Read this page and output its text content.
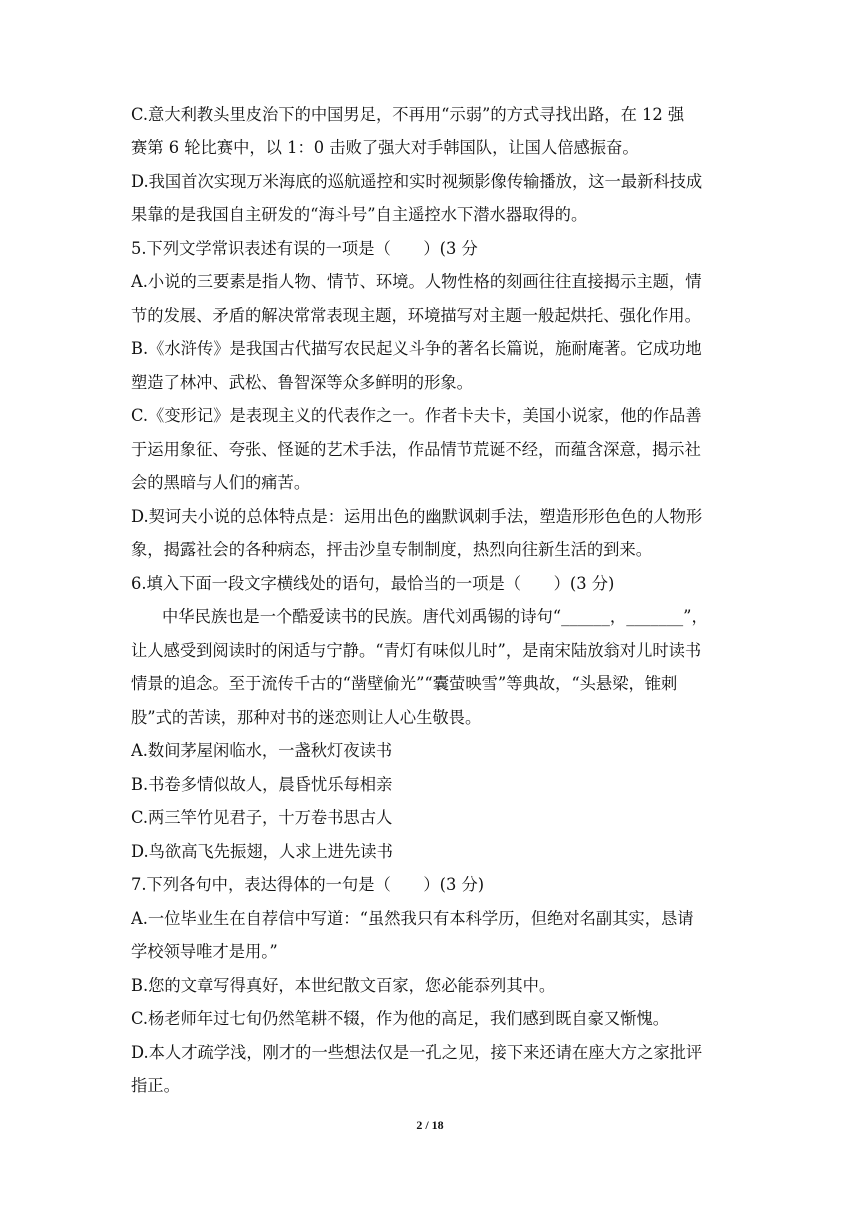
C.意大利教头里皮治下的中国男足，不再用“示弱”的方式寻找出路，在 12 强
赛第 6 轮比赛中，以 1：0 击败了强大对手韩国队，让国人倍感振奋。
D.我国首次实现万米海底的巡航遥控和实时视频影像传输播放，这一最新科技成
果靠的是我国自主研发的“海斗号”自主遥控水下潜水器取得的。
5.下列文学常识表述有误的一项是（　　）(3 分
A.小说的三要素是指人物、情节、环境。人物性格的刻画往往直接揭示主题，情
节的发展、矛盾的解决常常表现主题，环境描写对主题一般起烘托、强化作用。
B.《水浒传》是我国古代描写农民起义斗争的著名长篇说，施耐庵著。它成功地
塑造了林冲、武松、鲁智深等众多鲜明的形象。
C.《变形记》是表现主义的代表作之一。作者卡夫卡，美国小说家，他的作品善
于运用象征、夸张、怪诞的艺术手法，作品情节荒诞不经，而蕴含深意，揭示社
会的黑暗与人们的痛苦。
D.契诃夫小说的总体特点是：运用出色的幽默讽刺手法，塑造形形色色的人物形
象，揭露社会的各种病态，抨击沙皇专制制度，热烈向往新生活的到来。
6.填入下面一段文字横线处的语句，最恰当的一项是（　　）(3 分)
中华民族也是一个酷爱读书的民族。唐代刘禹锡的诗句“______，_______”，
让人感受到阅读时的闲适与宁静。“青灯有味似儿时”，是南宋陆放翁对儿时读书
情景的追念。至于流传千古的“凿壁偷光”“囊萤映雪”等典故，“头悬梁，锥刺
股”式的苦读，那种对书的迷恋则让人心生敬畏。
A.数间茅屋闲临水，一盏秋灯夜读书
B.书卷多情似故人，晨昏忧乐每相亲
C.两三竿竹见君子，十万卷书思古人
D.鸟欲高飞先振翅，人求上进先读书
7.下列各句中，表达得体的一句是（　　）(3 分)
A.一位毕业生在自荐信中写道：“虽然我只有本科学历，但绝对名副其实，恳请
学校领导唯才是用。”
B.您的文章写得真好，本世纪散文百家，您必能忝列其中。
C.杨老师年过七旬仍然笔耕不辍，作为他的高足，我们感到既自豪又惭愧。
D.本人才疏学浅，刚才的一些想法仅是一孔之见，接下来还请在座大方之家批评
指正。
2 / 18
